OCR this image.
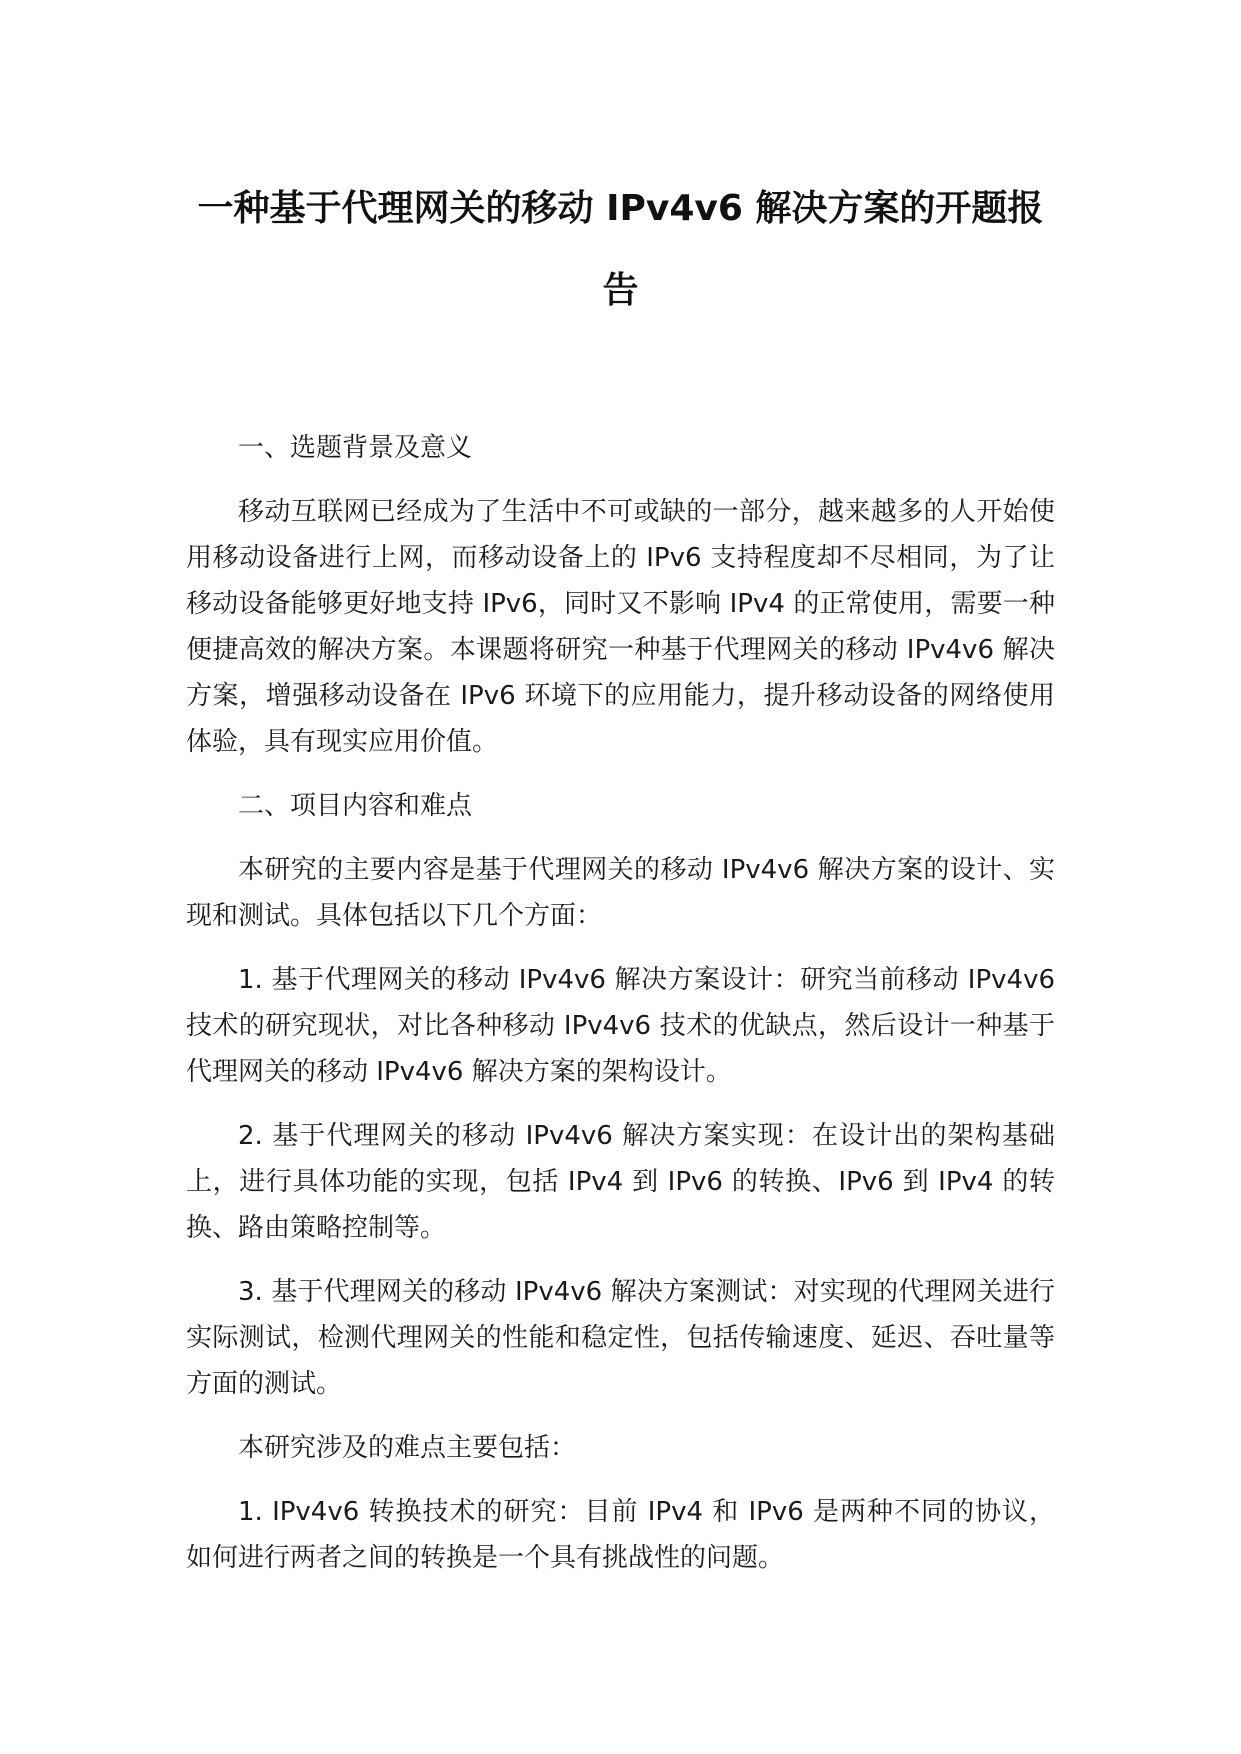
一种基于代理网关的移动 IPv4v6 解决方案的开题报告

一、选题背景及意义

移动互联网已经成为了生活中不可或缺的一部分，越来越多的人开始使用移动设备进行上网，而移动设备上的 IPv6 支持程度却不尽相同，为了让移动设备能够更好地支持 IPv6，同时又不影响 IPv4 的正常使用，需要一种便捷高效的解决方案。本课题将研究一种基于代理网关的移动 IPv4v6 解决方案，增强移动设备在 IPv6 环境下的应用能力，提升移动设备的网络使用体验，具有现实应用价值。

二、项目内容和难点

本研究的主要内容是基于代理网关的移动 IPv4v6 解决方案的设计、实现和测试。具体包括以下几个方面：

1. 基于代理网关的移动 IPv4v6 解决方案设计：研究当前移动 IPv4v6 技术的研究现状，对比各种移动 IPv4v6 技术的优缺点，然后设计一种基于代理网关的移动 IPv4v6 解决方案的架构设计。

2. 基于代理网关的移动 IPv4v6 解决方案实现：在设计出的架构基础上，进行具体功能的实现，包括 IPv4 到 IPv6 的转换、IPv6 到 IPv4 的转换、路由策略控制等。

3. 基于代理网关的移动 IPv4v6 解决方案测试：对实现的代理网关进行实际测试，检测代理网关的性能和稳定性，包括传输速度、延迟、吞吐量等方面的测试。

本研究涉及的难点主要包括：

1. IPv4v6 转换技术的研究：目前 IPv4 和 IPv6 是两种不同的协议，如何进行两者之间的转换是一个具有挑战性的问题。
